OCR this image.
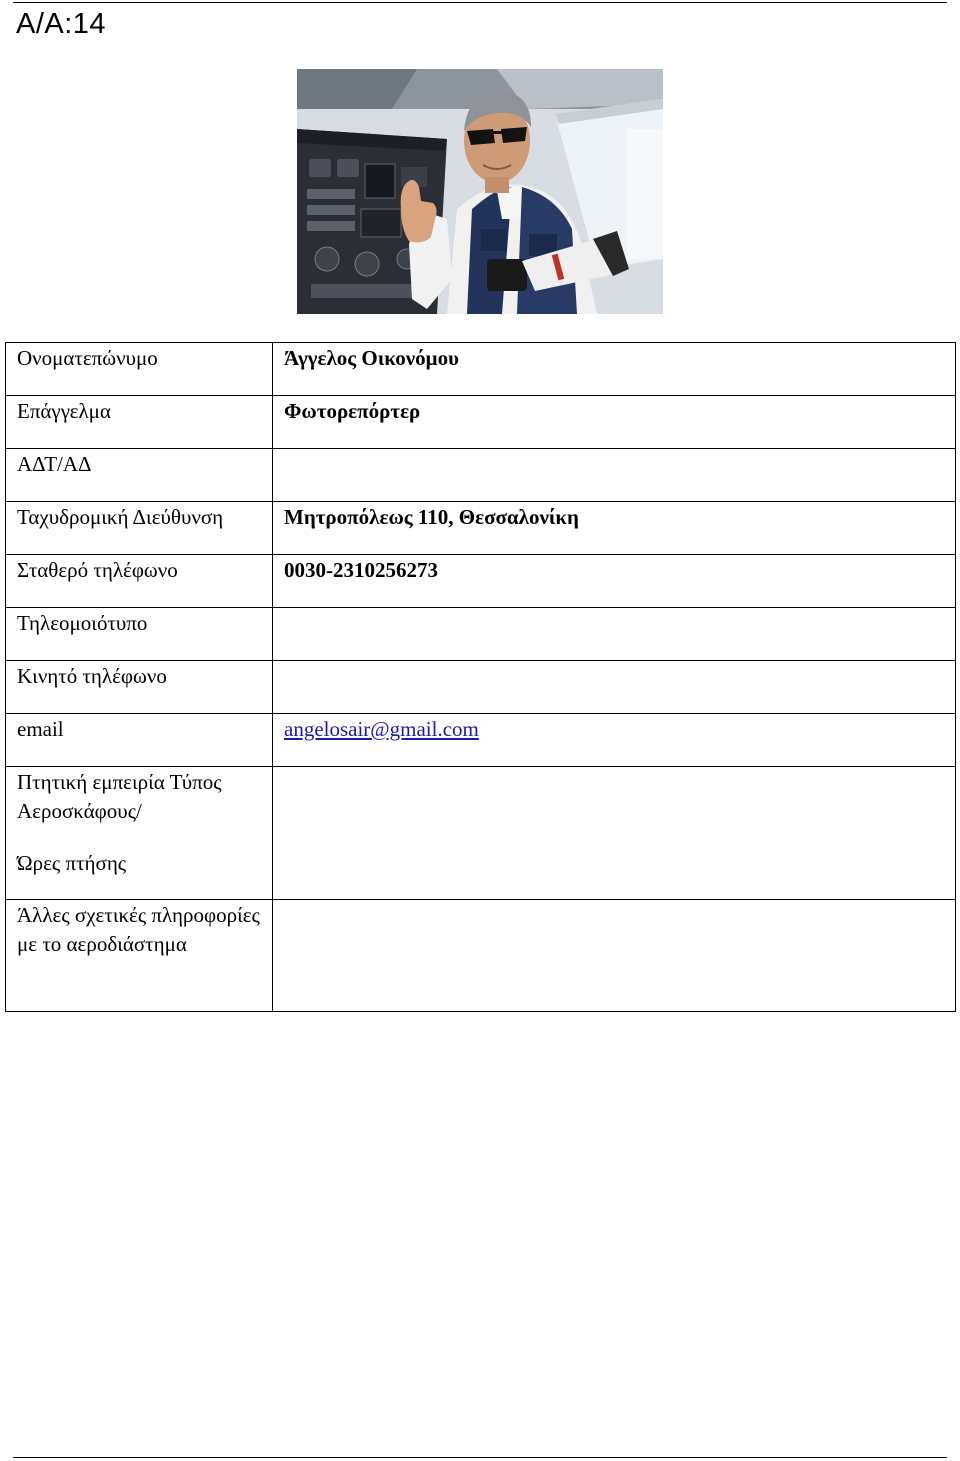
Α/Α:14
Ονοματεπώνυμο	Άγγελος Οικονόμου

Επάγγελμα	Φωτορεπόρτερ

ΑΔΤ/ΑΔ	

Ταχυδρομική Διεύθυνση	Μητροπόλεως 110, Θεσσαλονίκη

Σταθερό τηλέφωνο	0030-2310256273

Τηλεομοιότυπο	

Κινητό τηλέφωνο	

email	angelosair@gmail.com

Πτητική εμπειρία Τύπος Αεροσκάφους/
Ώρες πτήσης	

Άλλες σχετικές πληροφορίες με το αεροδιάστημα	
